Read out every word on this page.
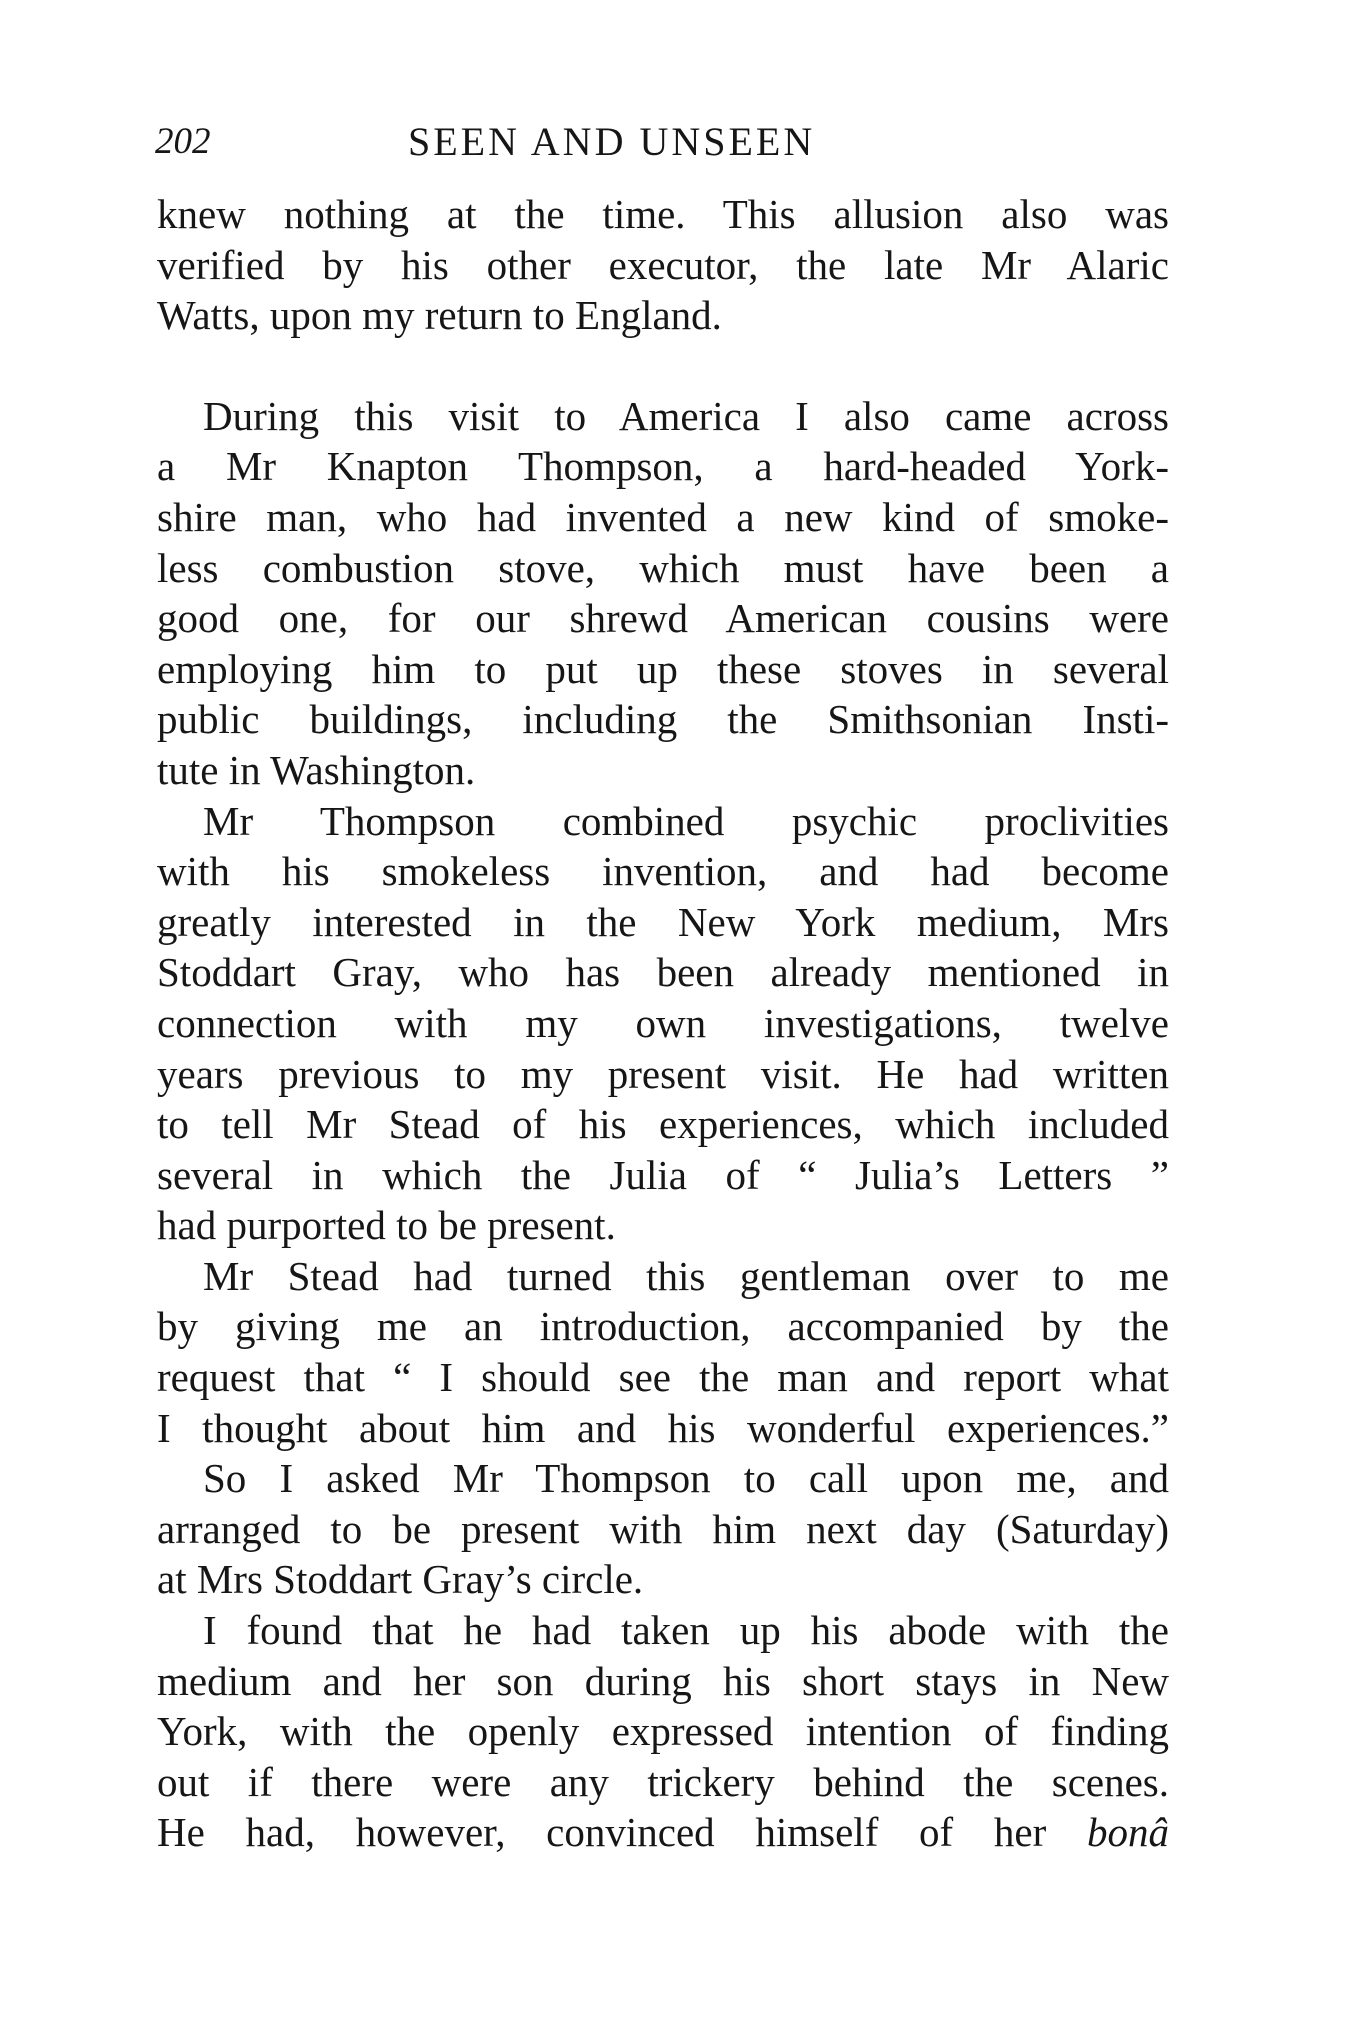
202	SEEN AND UNSEEN
knew nothing at the time. This allusion also was
verified by his other executor, the late Mr Alaric
Watts, upon my return to England.
During this visit to America I also came across
a Mr Knapton Thompson, a hard-headed York-
shire man, who had invented a new kind of smoke-
less combustion stove, which must have been a
good one, for our shrewd American cousins were
employing him to put up these stoves in several
public buildings, including the Smithsonian Insti-
tute in Washington.
Mr Thompson combined psychic proclivities
with his smokeless invention, and had become
greatly interested in the New York medium, Mrs
Stoddart Gray, who has been already mentioned in
connection with my own investigations, twelve
years previous to my present visit. He had written
to tell Mr Stead of his experiences, which included
several in which the Julia of “ Julia’s Letters ”
had purported to be present.
Mr Stead had turned this gentleman over to me
by giving me an introduction, accompanied by the
request that “ I should see the man and report what
I thought about him and his wonderful experiences.”
So I asked Mr Thompson to call upon me, and
arranged to be present with him next day (Saturday)
at Mrs Stoddart Gray’s circle.
I found that he had taken up his abode with the
medium and her son during his short stays in New
York, with the openly expressed intention of finding
out if there were any trickery behind the scenes.
He had, however, convinced himself of her bonâ
